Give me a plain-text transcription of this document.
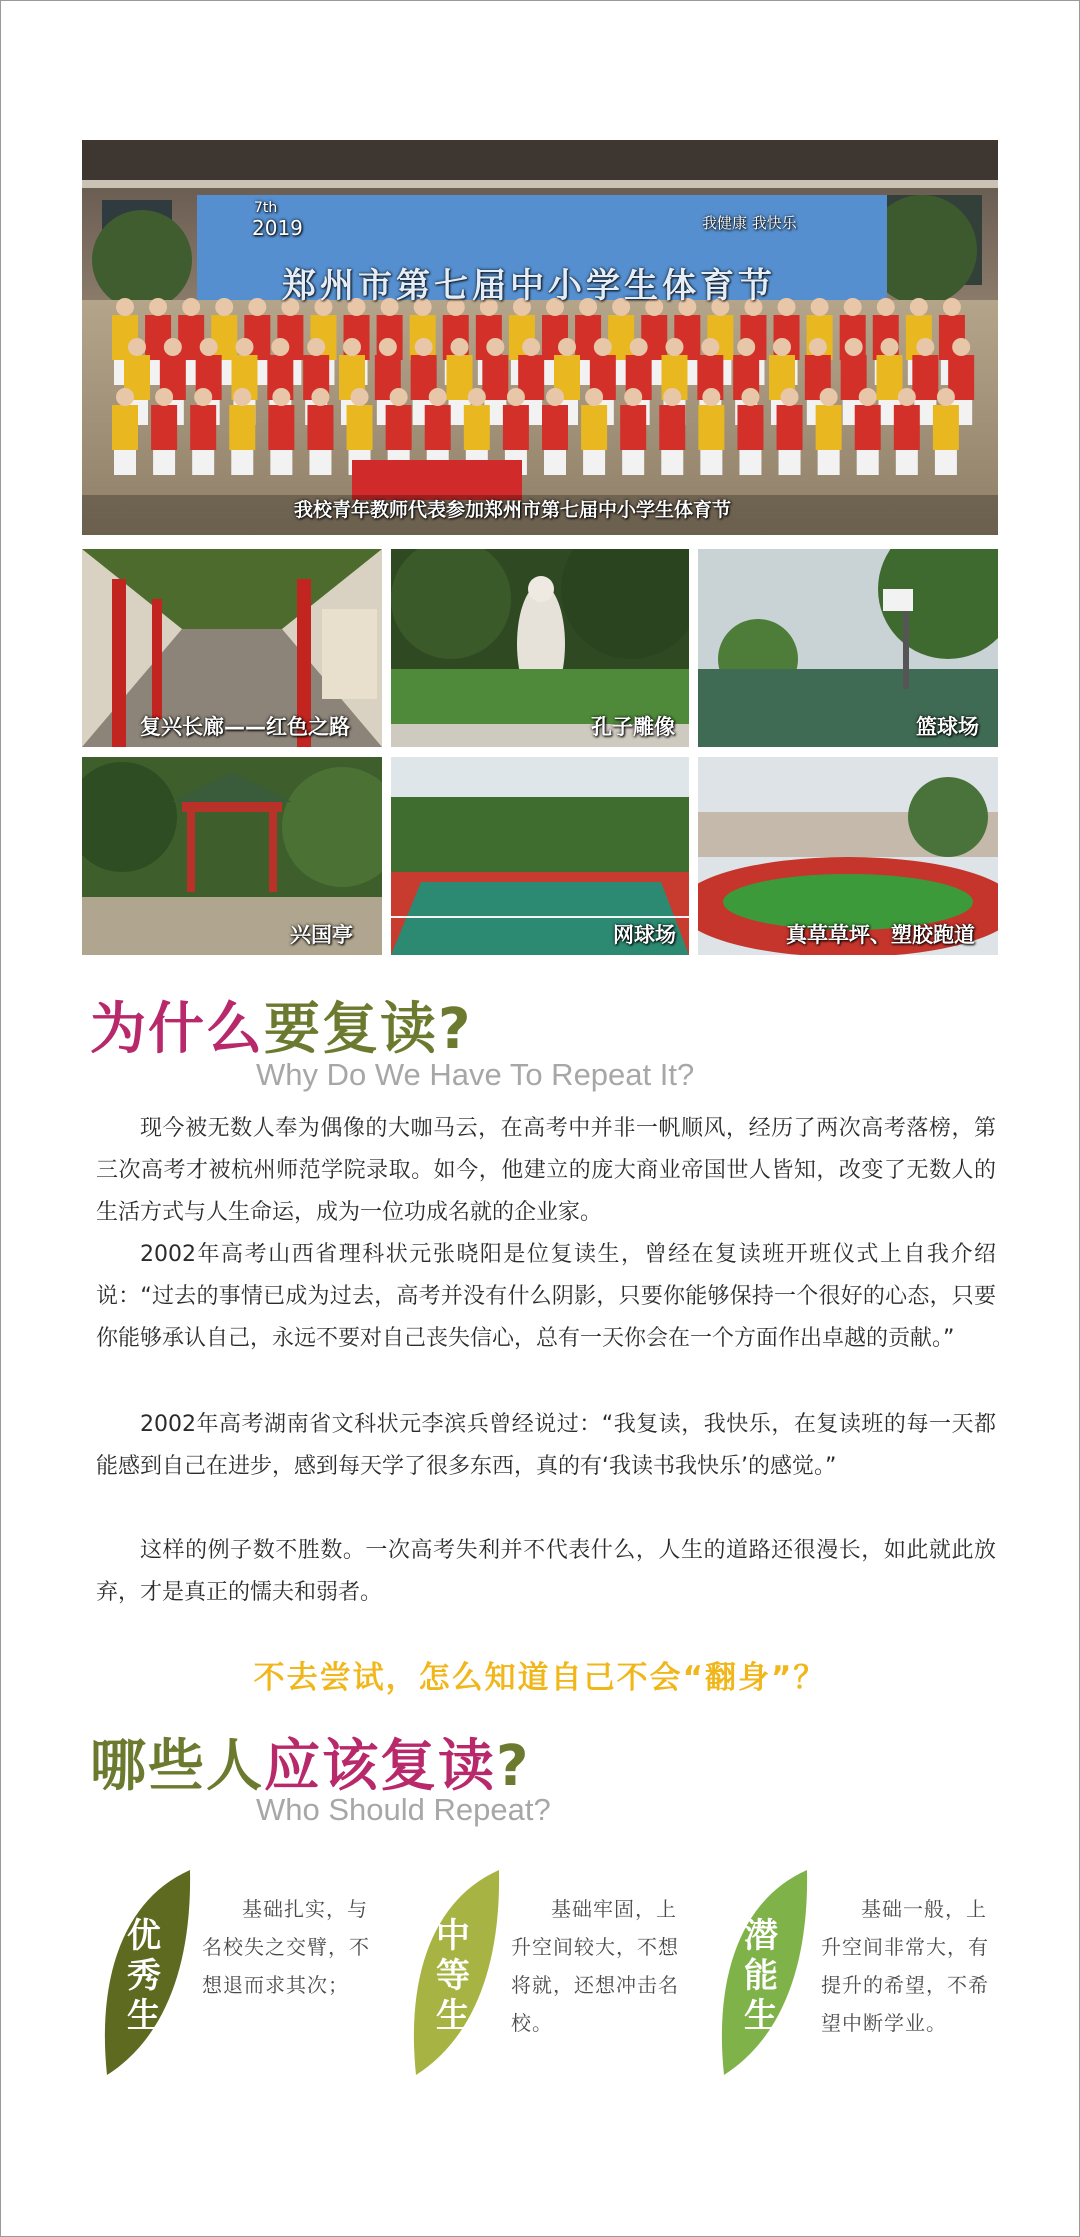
7th
2019	我健康 我快乐
郑州市第七届中小学生体育节
我校青年教师代表参加郑州市第七届中小学生体育节
复兴长廊——红色之路	孔子雕像	篮球场
兴国亭	网球场	真草草坪、塑胶跑道
为什么要复读?
Why Do We Have To Repeat It?

现今被无数人奉为偶像的大咖马云，在高考中并非一帆顺风，经历了两次高考落榜，第三次高考才被杭州师范学院录取。如今，他建立的庞大商业帝国世人皆知，改变了无数人的生活方式与人生命运，成为一位功成名就的企业家。

2002年高考山西省理科状元张晓阳是位复读生，曾经在复读班开班仪式上自我介绍说：“过去的事情已成为过去，高考并没有什么阴影，只要你能够保持一个很好的心态，只要你能够承认自己，永远不要对自己丧失信心，总有一天你会在一个方面作出卓越的贡献。”

2002年高考湖南省文科状元李滨兵曾经说过：“我复读，我快乐，在复读班的每一天都能感到自己在进步，感到每天学了很多东西，真的有‘我读书我快乐’的感觉。”

这样的例子数不胜数。一次高考失利并不代表什么，人生的道路还很漫长，如此就此放弃，才是真正的懦夫和弱者。

不去尝试，怎么知道自己不会“翻身”？
哪些人应该复读?
Who Should Repeat?
优秀生
基础扎实，与名校失之交臂，不想退而求其次；
中等生
基础牢固，上升空间较大，不想将就，还想冲击名校。
潜能生
基础一般，上升空间非常大，有提升的希望，不希望中断学业。
